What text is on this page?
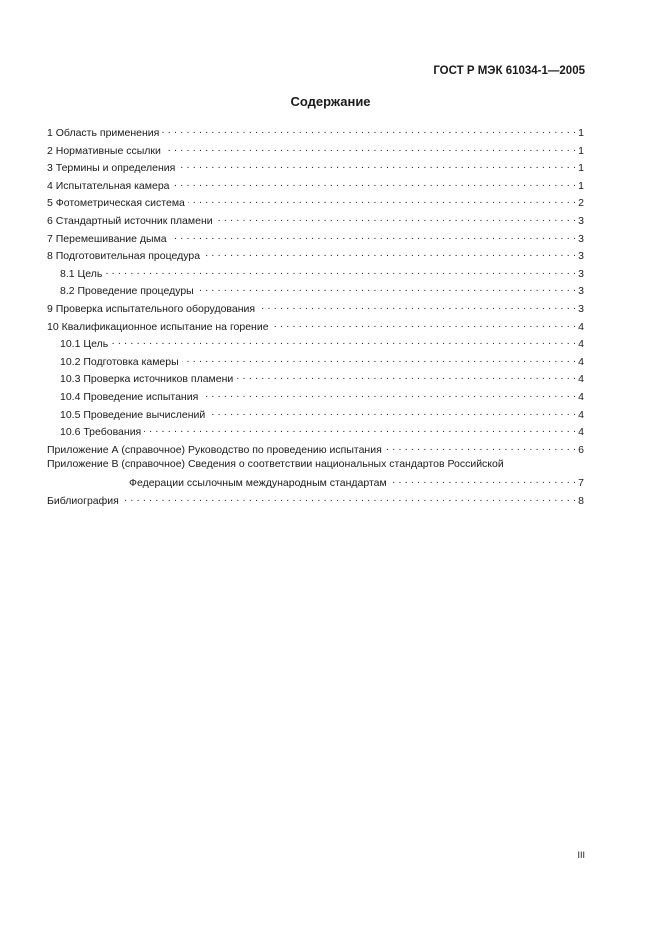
ГОСТ Р МЭК 61034-1—2005
Содержание
1 Область применения . . .	1
2 Нормативные ссылки . . .	1
3 Термины и определения . . .	1
4 Испытательная камера . . .	1
5 Фотометрическая система . . .	2
6 Стандартный источник пламени . . .	3
7 Перемешивание дыма . . .	3
8 Подготовительная процедура . . .	3
8.1 Цель . . .	3
8.2 Проведение процедуры . . .	3
9 Проверка испытательного оборудования . . .	3
10 Квалификационное испытание на горение . . .	4
10.1 Цель . . .	4
10.2 Подготовка камеры . . .	4
10.3 Проверка источников пламени . . .	4
10.4 Проведение испытания . . .	4
10.5 Проведение вычислений . . .	4
10.6 Требования . . .	4
Приложение А (справочное) Руководство по проведению испытания . . .	6
Приложение В (справочное) Сведения о соответствии национальных стандартов Российской
Федерации ссылочным международным стандартам . . .	7
Библиография . . .	8
III
